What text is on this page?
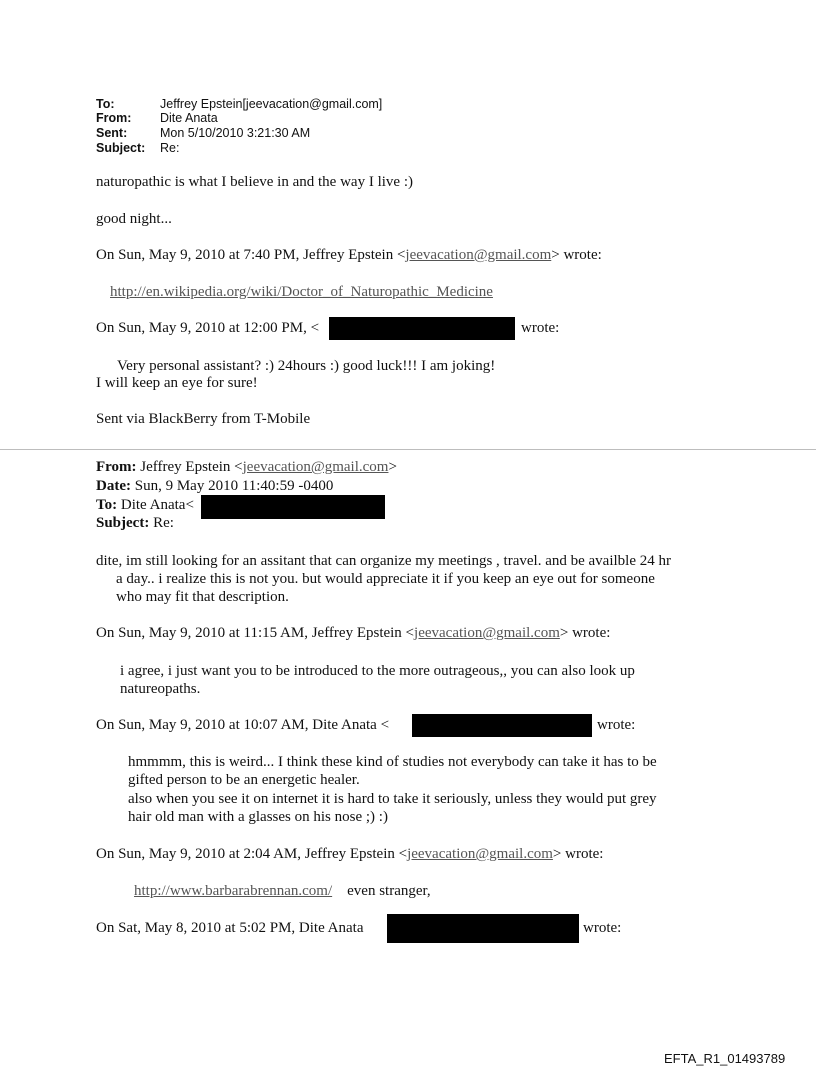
To:	Jeffrey Epstein[jeevacation@gmail.com]
From: Dite Anata
Sent:	Mon 5/10/2010 3:21:30 AM
Subject: Re:
naturopathic is what I believe in and the way I live :)
good night...
On Sun, May 9, 2010 at 7:40 PM, Jeffrey Epstein <jeevacation@gmail.com> wrote:
http://en.wikipedia.org/wiki/Doctor_of_Naturopathic_Medicine
On Sun, May 9, 2010 at 12:00 PM, <	wrote:
Very personal assistant? :) 24hours :) good luck!!! I am joking!
I will keep an eye for sure!
Sent via BlackBerry from T-Mobile
From: Jeffrey Epstein <jeevacation@gmail.com>
Date: Sun, 9 May 2010 11:40:59 -0400
To: Dite Anata<
Subject: Re:
dite, im still looking for an assitant that can organize my meetings , travel. and be availble 24 hr
a day.. i realize this is not you. but would appreciate it if you keep an eye out for someone
who may fit that description.
On Sun, May 9, 2010 at 11:15 AM, Jeffrey Epstein <jeevacation@gmail.com> wrote:
i agree, i just want you to be introduced to the more outrageous,, you can also look up
natureopaths.
On Sun, May 9, 2010 at 10:07 AM, Dite Anata <	wrote:
hmmmm, this is weird... I think these kind of studies not everybody can take it has to be
gifted person to be an energetic healer.
also when you see it on internet it is hard to take it seriously, unless they would put grey
hair old man with a glasses on his nose ;) :)
On Sun, May 9, 2010 at 2:04 AM, Jeffrey Epstein <jeevacation@gmail.com> wrote:
http://www.barbarabrennan.com/ even stranger,
On Sat, May 8, 2010 at 5:02 PM, Dite Anata	wrote:
EFTA_R1_01493789
